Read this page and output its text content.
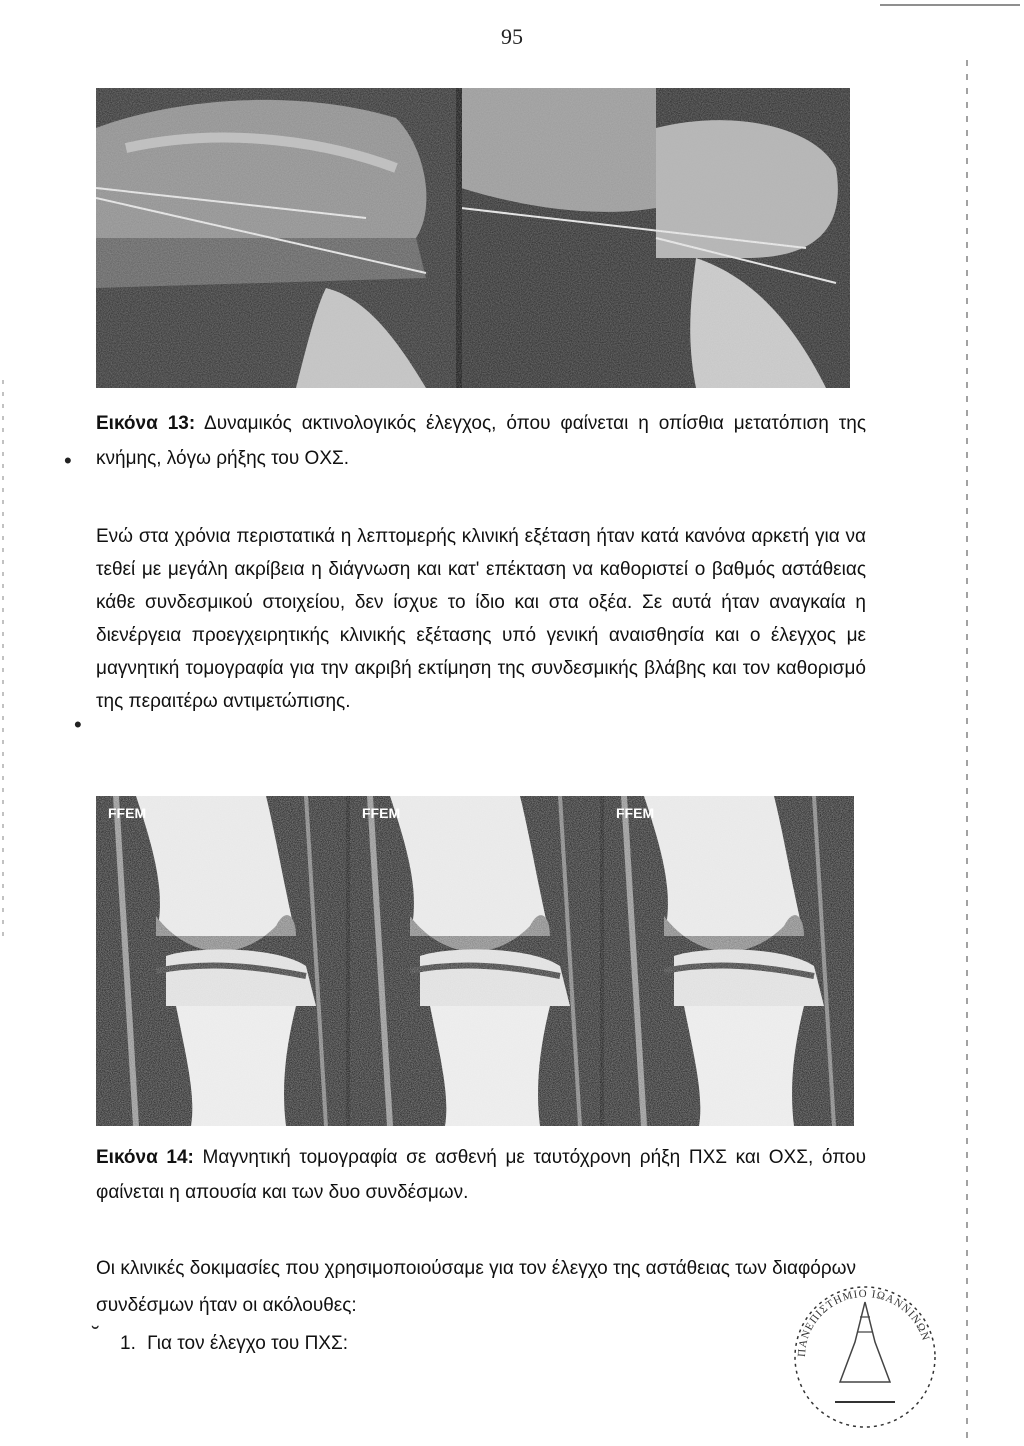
95
Εικόνα 13: Δυναμικός ακτινολογικός έλεγχος, όπου φαίνεται η οπίσθια μετατόπιση της κνήμης, λόγω ρήξης του ΟΧΣ.
•

Ενώ στα χρόνια περιστατικά η λεπτομερής κλινική εξέταση ήταν κατά κανόνα αρκετή για να τεθεί με μεγάλη ακρίβεια η διάγνωση και κατ' επέκταση να καθοριστεί ο βαθμός αστάθειας κάθε συνδεσμικού στοιχείου, δεν ίσχυε το ίδιο και στα οξέα. Σε αυτά ήταν αναγκαία η διενέργεια προεγχειρητικής κλινικής εξέτασης υπό γενική αναισθησία και ο έλεγχος με μαγνητική τομογραφία για την ακριβή εκτίμηση της συνδεσμικής βλάβης και τον καθορισμό της περαιτέρω αντιμετώπισης.

•
FFEM	FFEM	FFEM
Εικόνα 14: Μαγνητική τομογραφία σε ασθενή με ταυτόχρονη ρήξη ΠΧΣ και ΟΧΣ, όπου φαίνεται η απουσία και των δυο συνδέσμων.

Οι κλινικές δοκιμασίες που χρησιμοποιούσαμε για τον έλεγχο της αστάθειας των διαφόρων συνδέσμων ήταν οι ακόλουθες:

˘ 1. Για τον έλεγχο του ΠΧΣ:	ΠΑΝΕΠΙΣΤΗΜΙΟ ΙΩΑΝΝΙΝΩΝ
